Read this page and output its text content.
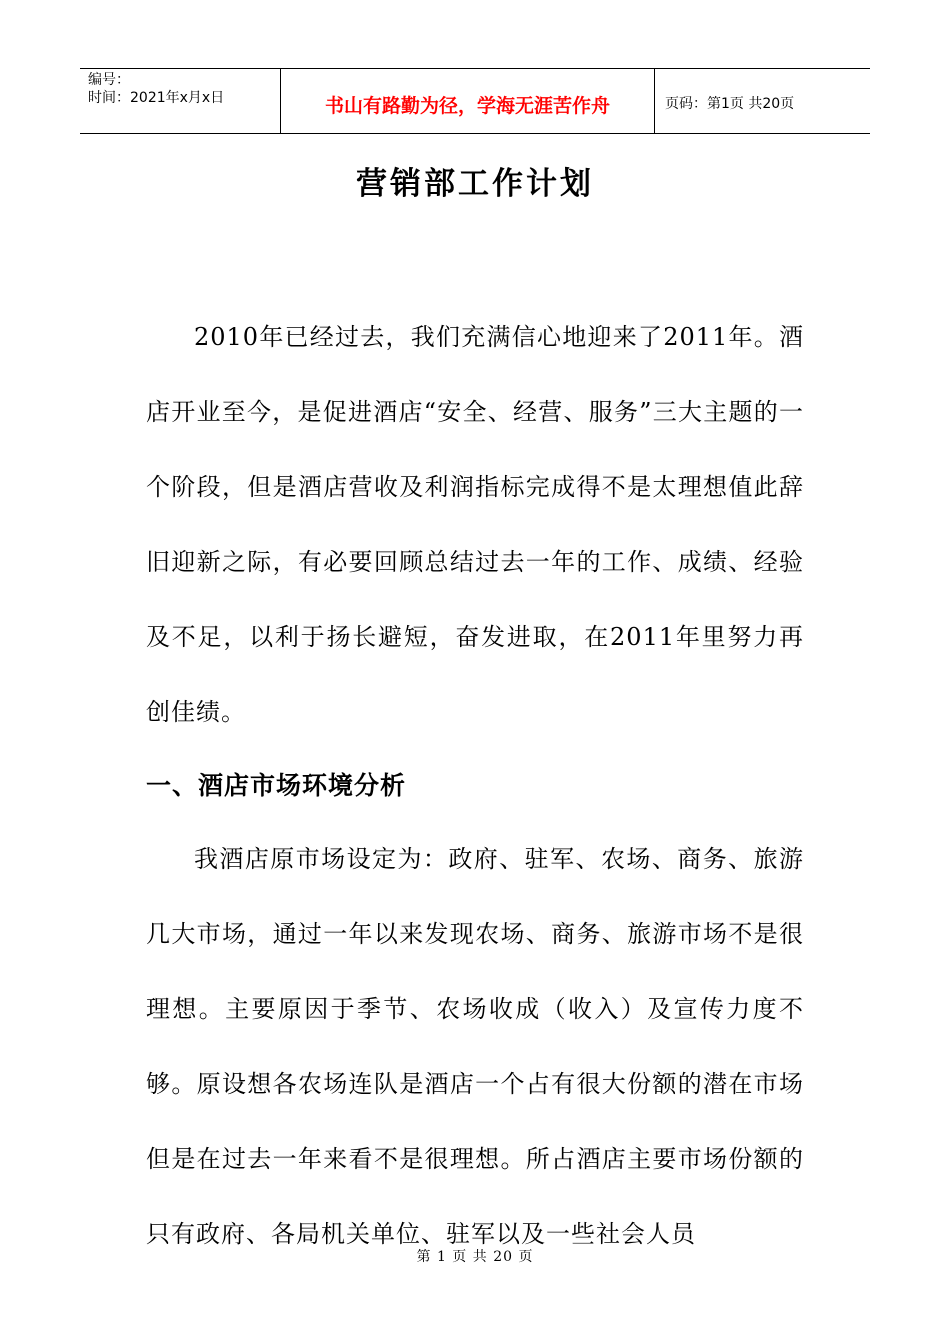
编号：
时间：2021年x月x日	书山有路勤为径，学海无涯苦作舟	页码：第1页 共20页
营销部工作计划

2010年已经过去，我们充满信心地迎来了2011年。酒店开业至今，是促进酒店“安全、经营、服务”三大主题的一个阶段，但是酒店营收及利润指标完成得不是太理想值此辞旧迎新之际，有必要回顾总结过去一年的工作、成绩、经验及不足，以利于扬长避短，奋发进取，在2011年里努力再创佳绩。

一、酒店市场环境分析

我酒店原市场设定为：政府、驻军、农场、商务、旅游几大市场，通过一年以来发现农场、商务、旅游市场不是很理想。主要原因于季节、农场收成（收入）及宣传力度不够。原设想各农场连队是酒店一个占有很大份额的潜在市场但是在过去一年来看不是很理想。所占酒店主要市场份额的只有政府、各局机关单位、驻军以及一些社会人员

第 1 页 共 20 页
